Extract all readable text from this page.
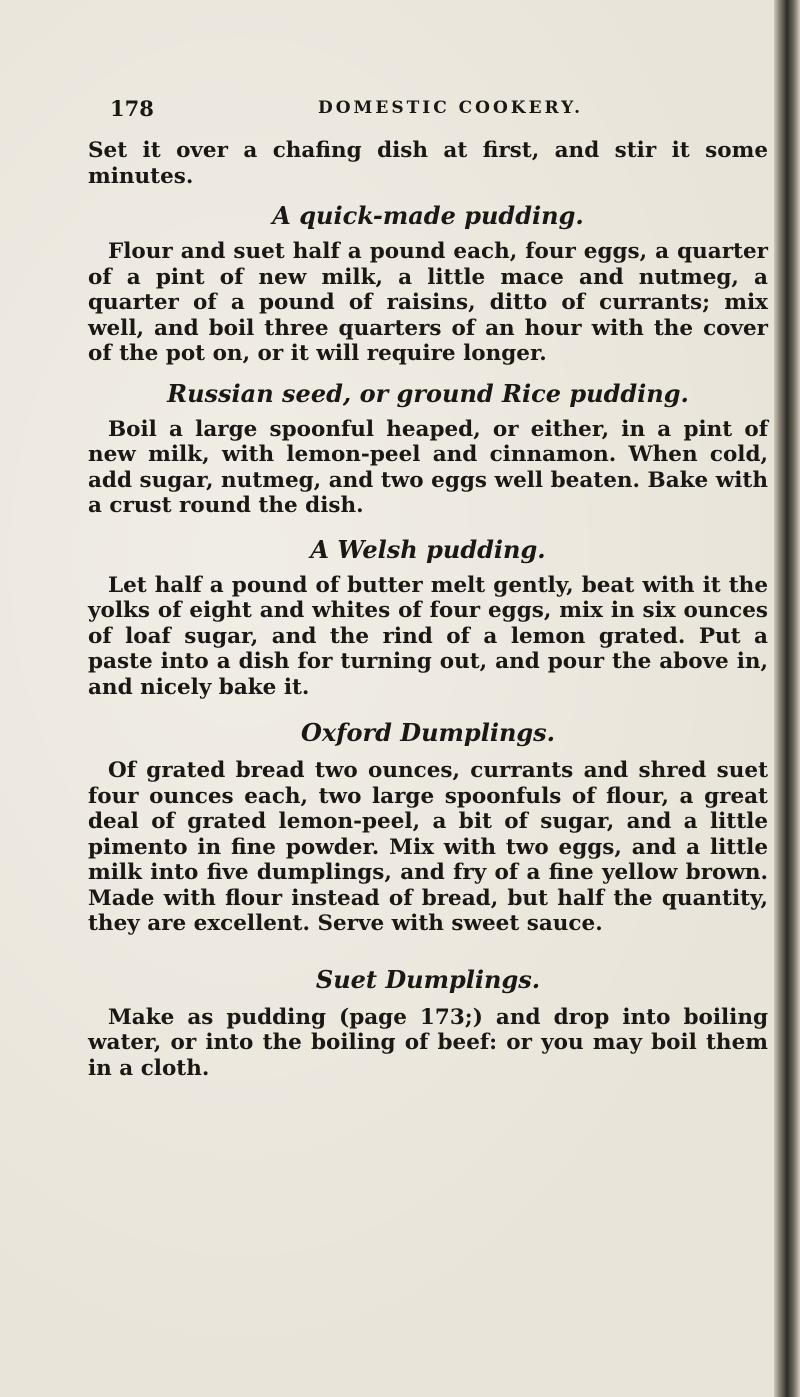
178	DOMESTIC COOKERY.

Set it over a chafing dish at first, and stir it some minutes.

A quick-made pudding.

Flour and suet half a pound each, four eggs, a quarter of a pint of new milk, a little mace and nutmeg, a quarter of a pound of raisins, ditto of currants; mix well, and boil three quarters of an hour with the cover of the pot on, or it will require longer.

Russian seed, or ground Rice pudding.

Boil a large spoonful heaped, or either, in a pint of new milk, with lemon-peel and cinnamon. When cold, add sugar, nutmeg, and two eggs well beaten. Bake with a crust round the dish.

A Welsh pudding.

Let half a pound of butter melt gently, beat with it the yolks of eight and whites of four eggs, mix in six ounces of loaf sugar, and the rind of a lemon grated. Put a paste into a dish for turning out, and pour the above in, and nicely bake it.

Oxford Dumplings.

Of grated bread two ounces, currants and shred suet four ounces each, two large spoonfuls of flour, a great deal of grated lemon-peel, a bit of sugar, and a little pimento in fine powder. Mix with two eggs, and a little milk into five dumplings, and fry of a fine yellow brown. Made with flour instead of bread, but half the quantity, they are excellent. Serve with sweet sauce.

Suet Dumplings.

Make as pudding (page 173;) and drop into boiling water, or into the boiling of beef: or you may boil them in a cloth.
